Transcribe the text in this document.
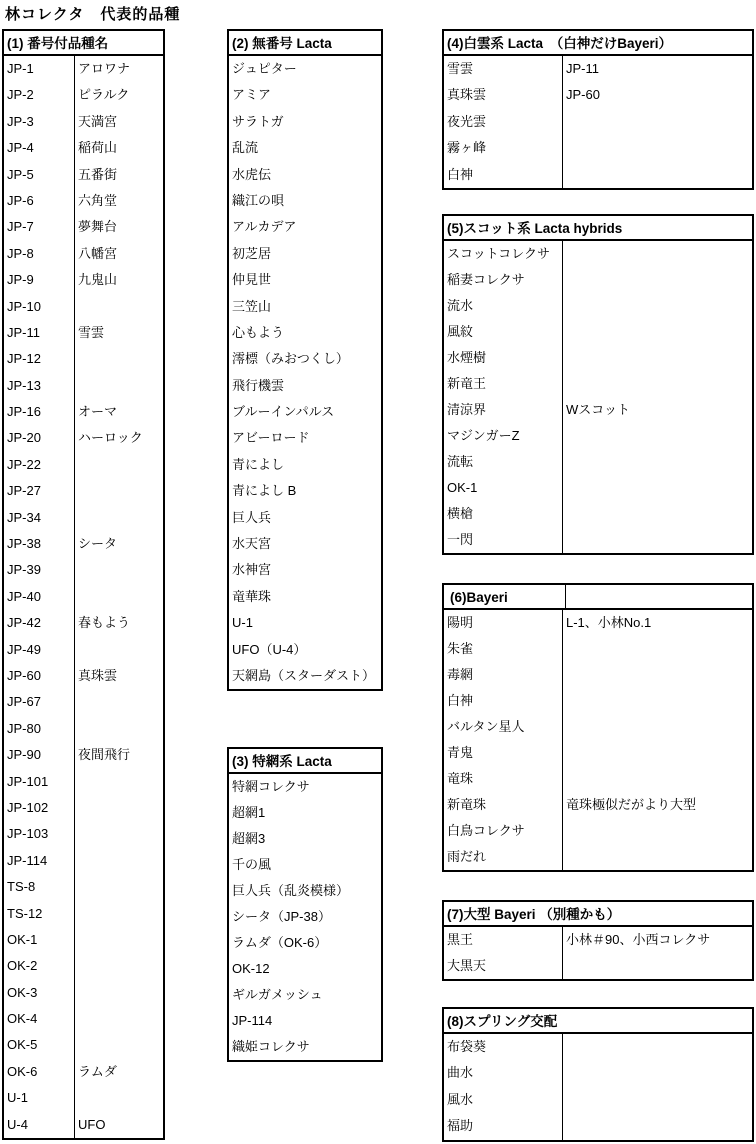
林コレクタ　代表的品種
(1) 番号付品種名
JP-1	アロワナ
JP-2	ピラルク
JP-3	天満宮
JP-4	稲荷山
JP-5	五番街
JP-6	六角堂
JP-7	夢舞台
JP-8	八幡宮
JP-9	九鬼山
JP-10
JP-11	雪雲
JP-12
JP-13
JP-16	オーマ
JP-20	ハーロック
JP-22
JP-27
JP-34
JP-38	シータ
JP-39
JP-40
JP-42	春もよう
JP-49
JP-60	真珠雲
JP-67
JP-80
JP-90	夜間飛行
JP-101
JP-102
JP-103
JP-114
TS-8
TS-12
OK-1
OK-2
OK-3
OK-4
OK-5
OK-6	ラムダ
U-1
U-4	UFO
(2) 無番号 Lacta
ジュピター
アミア
サラトガ
乱流
水虎伝
織江の唄
アルカデア
初芝居
仲見世
三笠山
心もよう
澪標（みおつくし）
飛行機雲
ブルーインパルス
アビーロード
青によし
青によし B
巨人兵
水天宮
水神宮
竜華珠
U-1
UFO（U-4）
天網島（スターダスト）
(3) 特網系 Lacta
特網コレクサ
超網1
超網3
千の風
巨人兵（乱炎模様）
シータ（JP-38）
ラムダ（OK-6）
OK-12
ギルガメッシュ
JP-114
織姫コレクサ
(4)白雲系 Lacta　（白神だけBayeri）
雪雲	JP-11
真珠雲	JP-60
夜光雲
霧ヶ峰
白神
(5)スコット系 Lacta hybrids
スコットコレクサ
稲妻コレクサ
流水
風紋
水煙樹
新竜王
清涼界	Wスコット
マジンガーZ
流転
OK-1
横槍
一閃
(6)Bayeri
陽明	L-1、小林No.1
朱雀
毒網
白神
バルタン星人
青鬼
竜珠
新竜珠	竜珠極似だがより大型
白鳥コレクサ
雨だれ
(7)大型 Bayeri （別種かも）
黒王	小林＃90、小西コレクサ
大黒天
(8)スプリング交配
布袋葵
曲水
風水
福助
